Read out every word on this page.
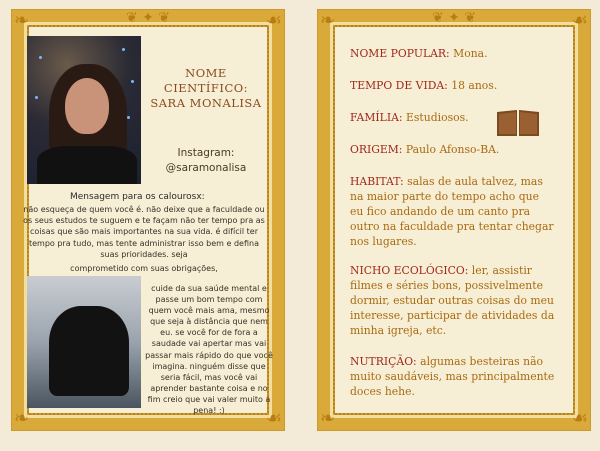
❦ ✦ ❦
❧	☙
❧	☙
NOME CIENTÍFICO:
SARA MONALISA
Instagram:
@saramonalisa
Mensagem para os calourosx:
não esqueça de quem você é. não deixe que a faculdade ou os seus estudos te suguem e te façam não ter tempo pra as coisas que são mais importantes na sua vida. é difícil ter tempo pra tudo, mas tente administrar isso bem e defina suas prioridades. seja
comprometido com suas obrigações,
cuide da sua saúde mental e passe um bom tempo com quem você mais ama, mesmo que seja à distância que nem eu. se você for de fora a saudade vai apertar mas vai passar mais rápido do que você imagina. ninguém disse que seria fácil, mas você vai aprender bastante coisa e no fim creio que vai valer muito a pena! :)
❦ ✦ ❦
❧	☙
❧	☙
NOME POPULAR: Mona.
TEMPO DE VIDA: 18 anos.
FAMÍLIA: Estudiosos.
ORIGEM: Paulo Afonso-BA.
HABITAT: salas de aula talvez, mas na maior parte do tempo acho que eu fico andando de um canto pra outro na faculdade pra tentar chegar nos lugares.
NICHO ECOLÓGICO: ler, assistir filmes e séries bons, possivelmente dormir, estudar outras coisas do meu interesse, participar de atividades da minha igreja, etc.
NUTRIÇÃO: algumas besteiras não muito saudáveis, mas principalmente doces hehe.
